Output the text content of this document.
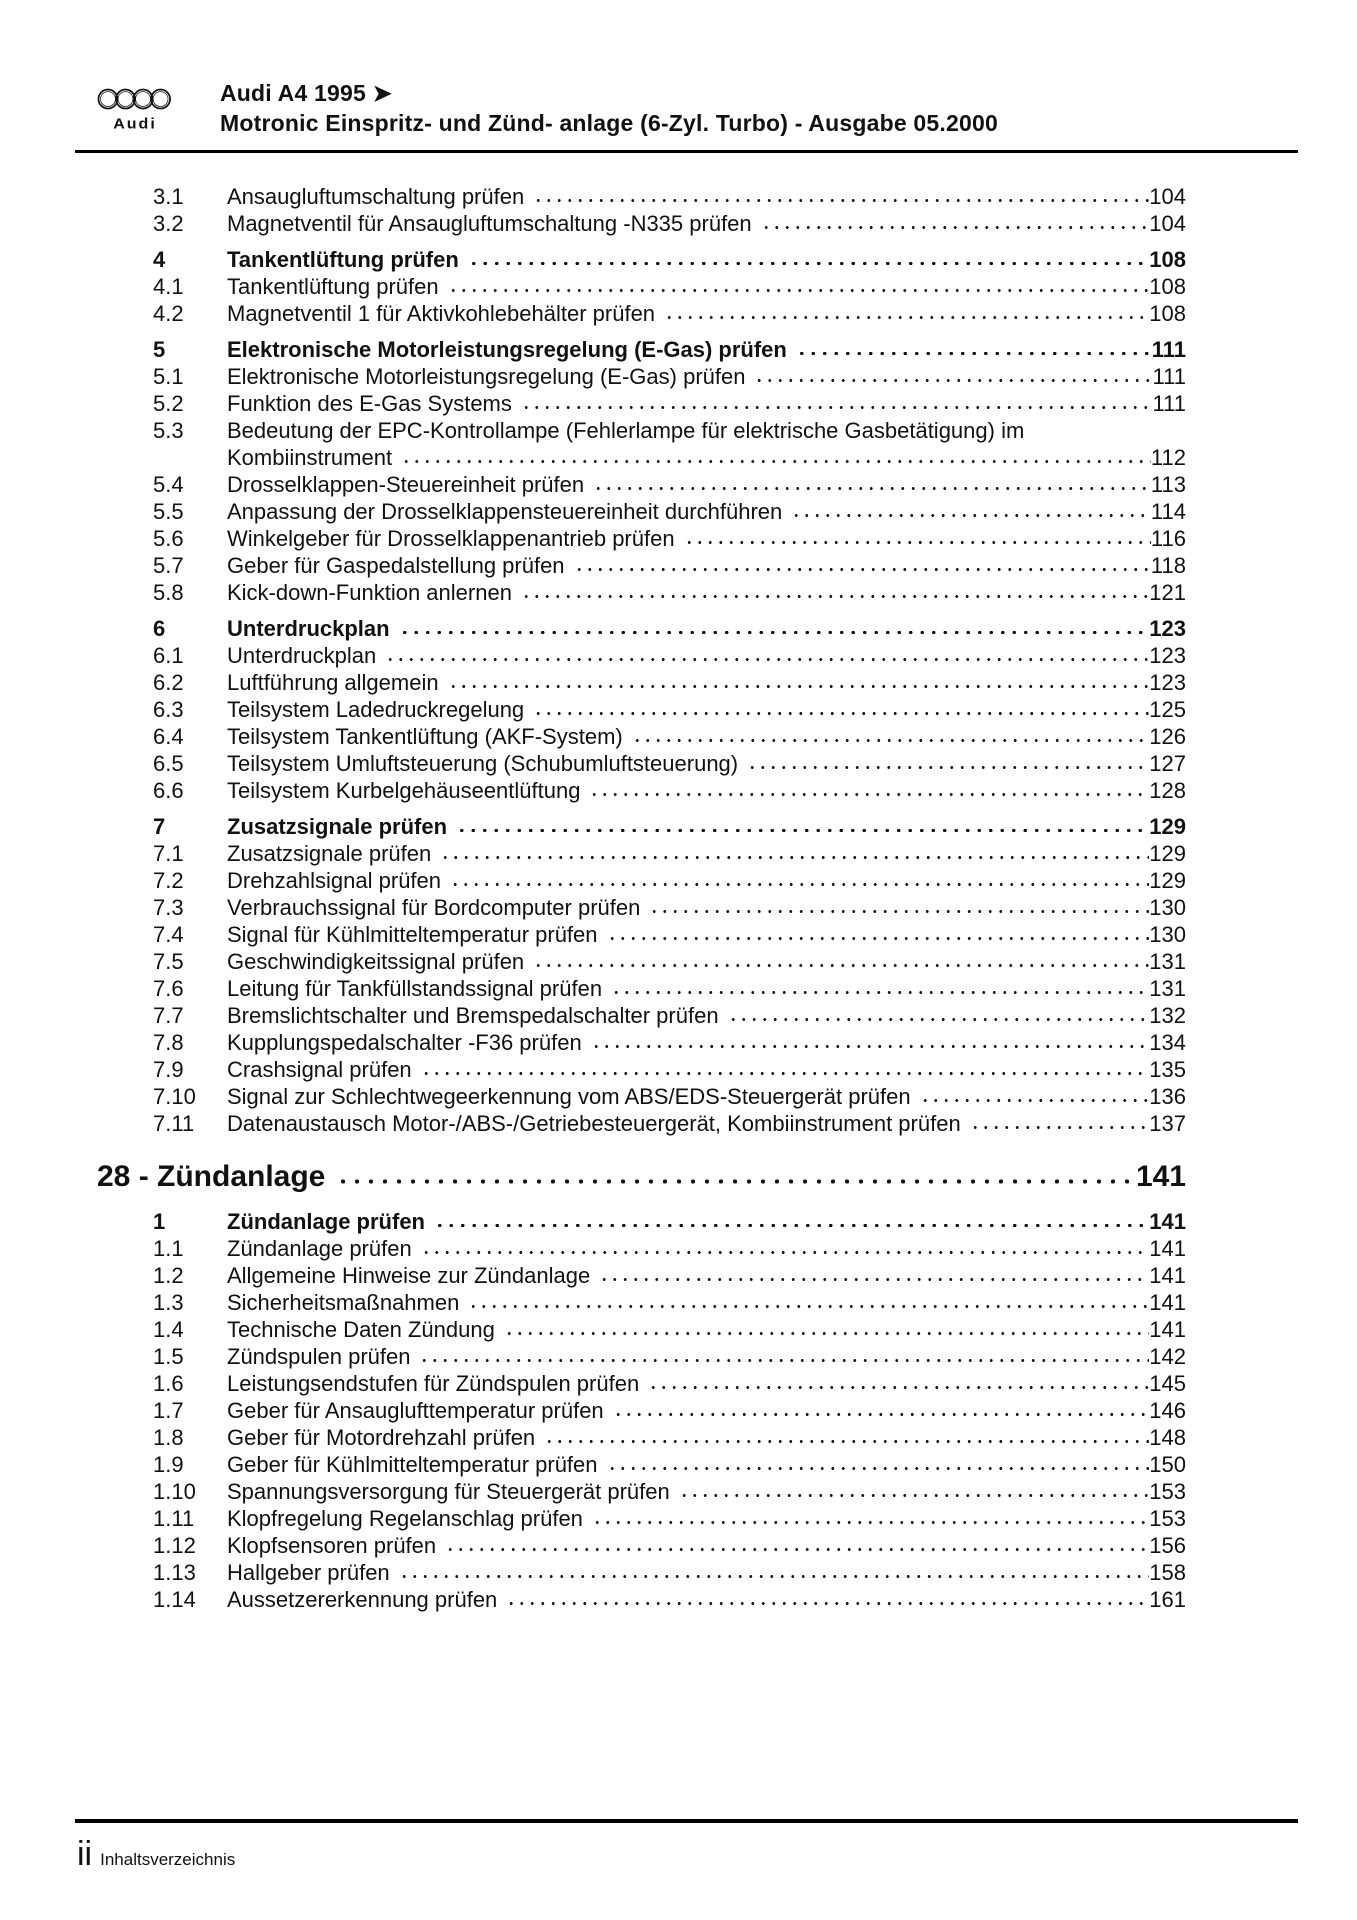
Audi
Audi A4 1995 ➤
Motronic Einspritz- und Zünd- anlage (6-Zyl. Turbo) - Ausgabe 05.2000
3.1	Ansaugluftumschaltung prüfen	104
3.2	Magnetventil für Ansaugluftumschaltung -N335 prüfen	104
4	Tankentlüftung prüfen	108
4.1	Tankentlüftung prüfen	108
4.2	Magnetventil 1 für Aktivkohlebehälter prüfen	108
5	Elektronische Motorleistungsregelung (E-Gas) prüfen	111
5.1	Elektronische Motorleistungsregelung (E-Gas) prüfen	111
5.2	Funktion des E-Gas Systems	111
5.3	Bedeutung der EPC-Kontrollampe (Fehlerlampe für elektrische Gasbetätigung) im
Kombiinstrument	112
5.4	Drosselklappen-Steuereinheit prüfen	113
5.5	Anpassung der Drosselklappensteuereinheit durchführen	114
5.6	Winkelgeber für Drosselklappenantrieb prüfen	116
5.7	Geber für Gaspedalstellung prüfen	118
5.8	Kick-down-Funktion anlernen	121
6	Unterdruckplan	123
6.1	Unterdruckplan	123
6.2	Luftführung allgemein	123
6.3	Teilsystem Ladedruckregelung	125
6.4	Teilsystem Tankentlüftung (AKF-System)	126
6.5	Teilsystem Umluftsteuerung (Schubumluftsteuerung)	127
6.6	Teilsystem Kurbelgehäuseentlüftung	128
7	Zusatzsignale prüfen	129
7.1	Zusatzsignale prüfen	129
7.2	Drehzahlsignal prüfen	129
7.3	Verbrauchssignal für Bordcomputer prüfen	130
7.4	Signal für Kühlmitteltemperatur prüfen	130
7.5	Geschwindigkeitssignal prüfen	131
7.6	Leitung für Tankfüllstandssignal prüfen	131
7.7	Bremslichtschalter und Bremspedalschalter prüfen	132
7.8	Kupplungspedalschalter -F36 prüfen	134
7.9	Crashsignal prüfen	135
7.10	Signal zur Schlechtwegeerkennung vom ABS/EDS-Steuergerät prüfen	136
7.11	Datenaustausch Motor-/ABS-/Getriebesteuergerät, Kombiinstrument prüfen	137
28 - Zündanlage	141
1	Zündanlage prüfen	141
1.1	Zündanlage prüfen	141
1.2	Allgemeine Hinweise zur Zündanlage	141
1.3	Sicherheitsmaßnahmen	141
1.4	Technische Daten Zündung	141
1.5	Zündspulen prüfen	142
1.6	Leistungsendstufen für Zündspulen prüfen	145
1.7	Geber für Ansauglufttemperatur prüfen	146
1.8	Geber für Motordrehzahl prüfen	148
1.9	Geber für Kühlmitteltemperatur prüfen	150
1.10	Spannungsversorgung für Steuergerät prüfen	153
1.11	Klopfregelung Regelanschlag prüfen	153
1.12	Klopfsensoren prüfen	156
1.13	Hallgeber prüfen	158
1.14	Aussetzererkennung prüfen	161
ii Inhaltsverzeichnis
